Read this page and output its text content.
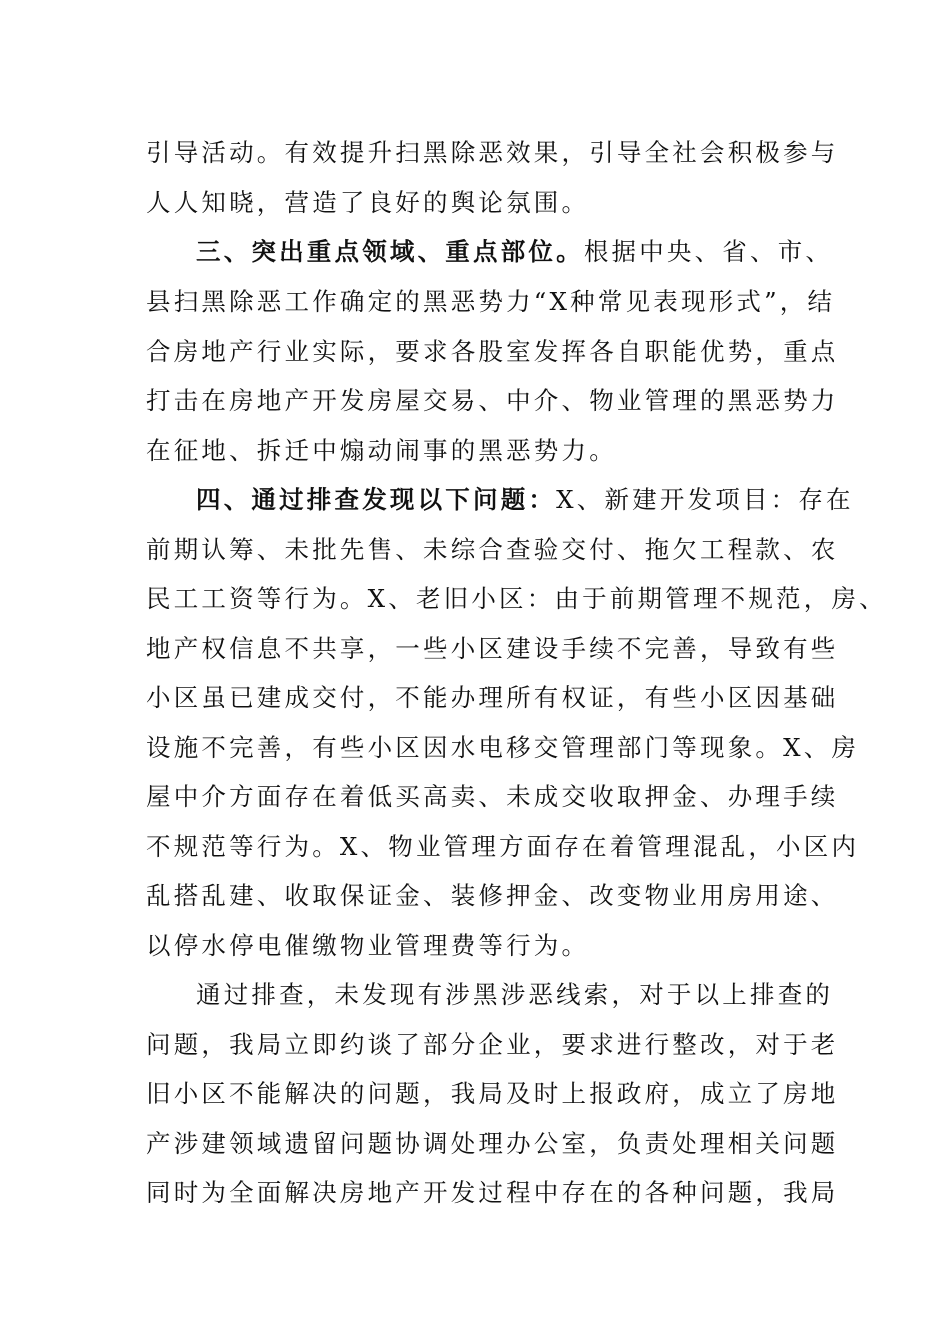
引导活动。有效提升扫黑除恶效果，引导全社会积极参与
人人知晓，营造了良好的舆论氛围。
三、突出重点领域、重点部位。根据中央、省、市、
县扫黑除恶工作确定的黑恶势力“X种常见表现形式”，结
合房地产行业实际，要求各股室发挥各自职能优势，重点
打击在房地产开发房屋交易、中介、物业管理的黑恶势力
在征地、拆迁中煽动闹事的黑恶势力。
四、通过排查发现以下问题：X、新建开发项目：存在
前期认筹、未批先售、未综合查验交付、拖欠工程款、农
民工工资等行为。X、老旧小区：由于前期管理不规范，房、
地产权信息不共享，一些小区建设手续不完善，导致有些
小区虽已建成交付，不能办理所有权证，有些小区因基础
设施不完善，有些小区因水电移交管理部门等现象。X、房
屋中介方面存在着低买高卖、未成交收取押金、办理手续
不规范等行为。X、物业管理方面存在着管理混乱，小区内
乱搭乱建、收取保证金、装修押金、改变物业用房用途、
以停水停电催缴物业管理费等行为。
通过排查，未发现有涉黑涉恶线索，对于以上排查的
问题，我局立即约谈了部分企业，要求进行整改，对于老
旧小区不能解决的问题，我局及时上报政府，成立了房地
产涉建领域遗留问题协调处理办公室，负责处理相关问题
同时为全面解决房地产开发过程中存在的各种问题，我局
